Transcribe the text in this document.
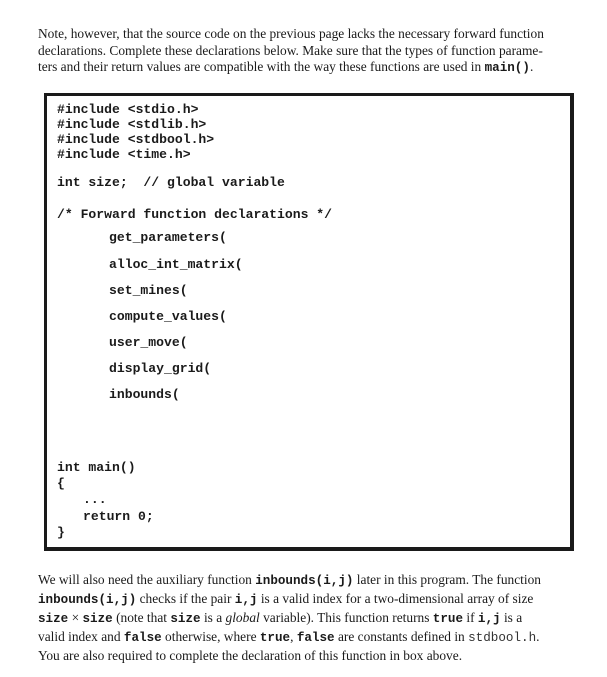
Note, however, that the source code on the previous page lacks the necessary forward function
declarations. Complete these declarations below. Make sure that the types of function parame-
ters and their return values are compatible with the way these functions are used in main().
#include <stdio.h>
#include <stdlib.h>
#include <stdbool.h>
#include <time.h>
int size;  // global variable
/* Forward function declarations */
get_parameters(
alloc_int_matrix(
set_mines(
compute_values(
user_move(
display_grid(
inbounds(
int main()
{
...
return 0;
}
We will also need the auxiliary function inbounds(i,j) later in this program. The function
inbounds(i,j) checks if the pair i,j is a valid index for a two-dimensional array of size
size × size (note that size is a global variable). This function returns true if i,j is a
valid index and false otherwise, where true, false are constants defined in stdbool.h.
You are also required to complete the declaration of this function in box above.
